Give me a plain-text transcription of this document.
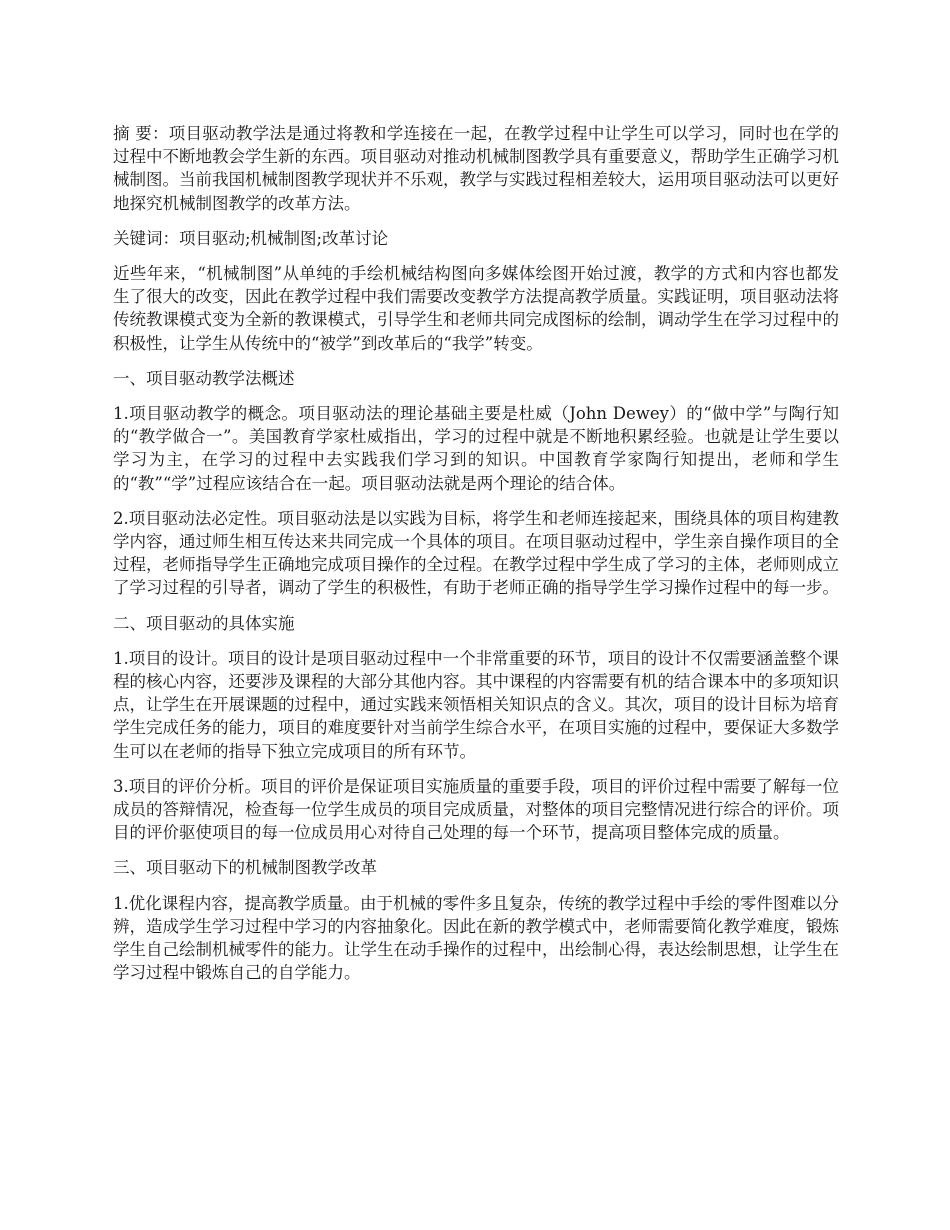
摘 要：项目驱动教学法是通过将教和学连接在一起，在教学过程中让学生可以学习，同时也在学的过程中不断地教会学生新的东西。项目驱动对推动机械制图教学具有重要意义，帮助学生正确学习机械制图。当前我国机械制图教学现状并不乐观，教学与实践过程相差较大，运用项目驱动法可以更好地探究机械制图教学的改革方法。

关键词：项目驱动;机械制图;改革讨论

近些年来，“机械制图”从单纯的手绘机械结构图向多媒体绘图开始过渡，教学的方式和内容也都发生了很大的改变，因此在教学过程中我们需要改变教学方法提高教学质量。实践证明，项目驱动法将传统教课模式变为全新的教课模式，引导学生和老师共同完成图标的绘制，调动学生在学习过程中的积极性，让学生从传统中的“被学”到改革后的“我学”转变。

一、项目驱动教学法概述

1.项目驱动教学的概念。项目驱动法的理论基础主要是杜威（John Dewey）的“做中学”与陶行知的“教学做合一”。美国教育学家杜威指出，学习的过程中就是不断地积累经验。也就是让学生要以学习为主，在学习的过程中去实践我们学习到的知识。中国教育学家陶行知提出，老师和学生的“教”“学”过程应该结合在一起。项目驱动法就是两个理论的结合体。

2.项目驱动法必定性。项目驱动法是以实践为目标，将学生和老师连接起来，围绕具体的项目构建教学内容，通过师生相互传达来共同完成一个具体的项目。在项目驱动过程中，学生亲自操作项目的全过程，老师指导学生正确地完成项目操作的全过程。在教学过程中学生成了学习的主体，老师则成立了学习过程的引导者，调动了学生的积极性，有助于老师正确的指导学生学习操作过程中的每一步。

二、项目驱动的具体实施

1.项目的设计。项目的设计是项目驱动过程中一个非常重要的环节，项目的设计不仅需要涵盖整个课程的核心内容，还要涉及课程的大部分其他内容。其中课程的内容需要有机的结合课本中的多项知识点，让学生在开展课题的过程中，通过实践来领悟相关知识点的含义。其次，项目的设计目标为培育学生完成任务的能力，项目的难度要针对当前学生综合水平，在项目实施的过程中，要保证大多数学生可以在老师的指导下独立完成项目的所有环节。

3.项目的评价分析。项目的评价是保证项目实施质量的重要手段，项目的评价过程中需要了解每一位成员的答辩情况，检查每一位学生成员的项目完成质量，对整体的项目完整情况进行综合的评价。项目的评价驱使项目的每一位成员用心对待自己处理的每一个环节，提高项目整体完成的质量。

三、项目驱动下的机械制图教学改革

1.优化课程内容，提高教学质量。由于机械的零件多且复杂，传统的教学过程中手绘的零件图难以分辨，造成学生学习过程中学习的内容抽象化。因此在新的教学模式中，老师需要简化教学难度，锻炼学生自己绘制机械零件的能力。让学生在动手操作的过程中，出绘制心得，表达绘制思想，让学生在学习过程中锻炼自己的自学能力。
